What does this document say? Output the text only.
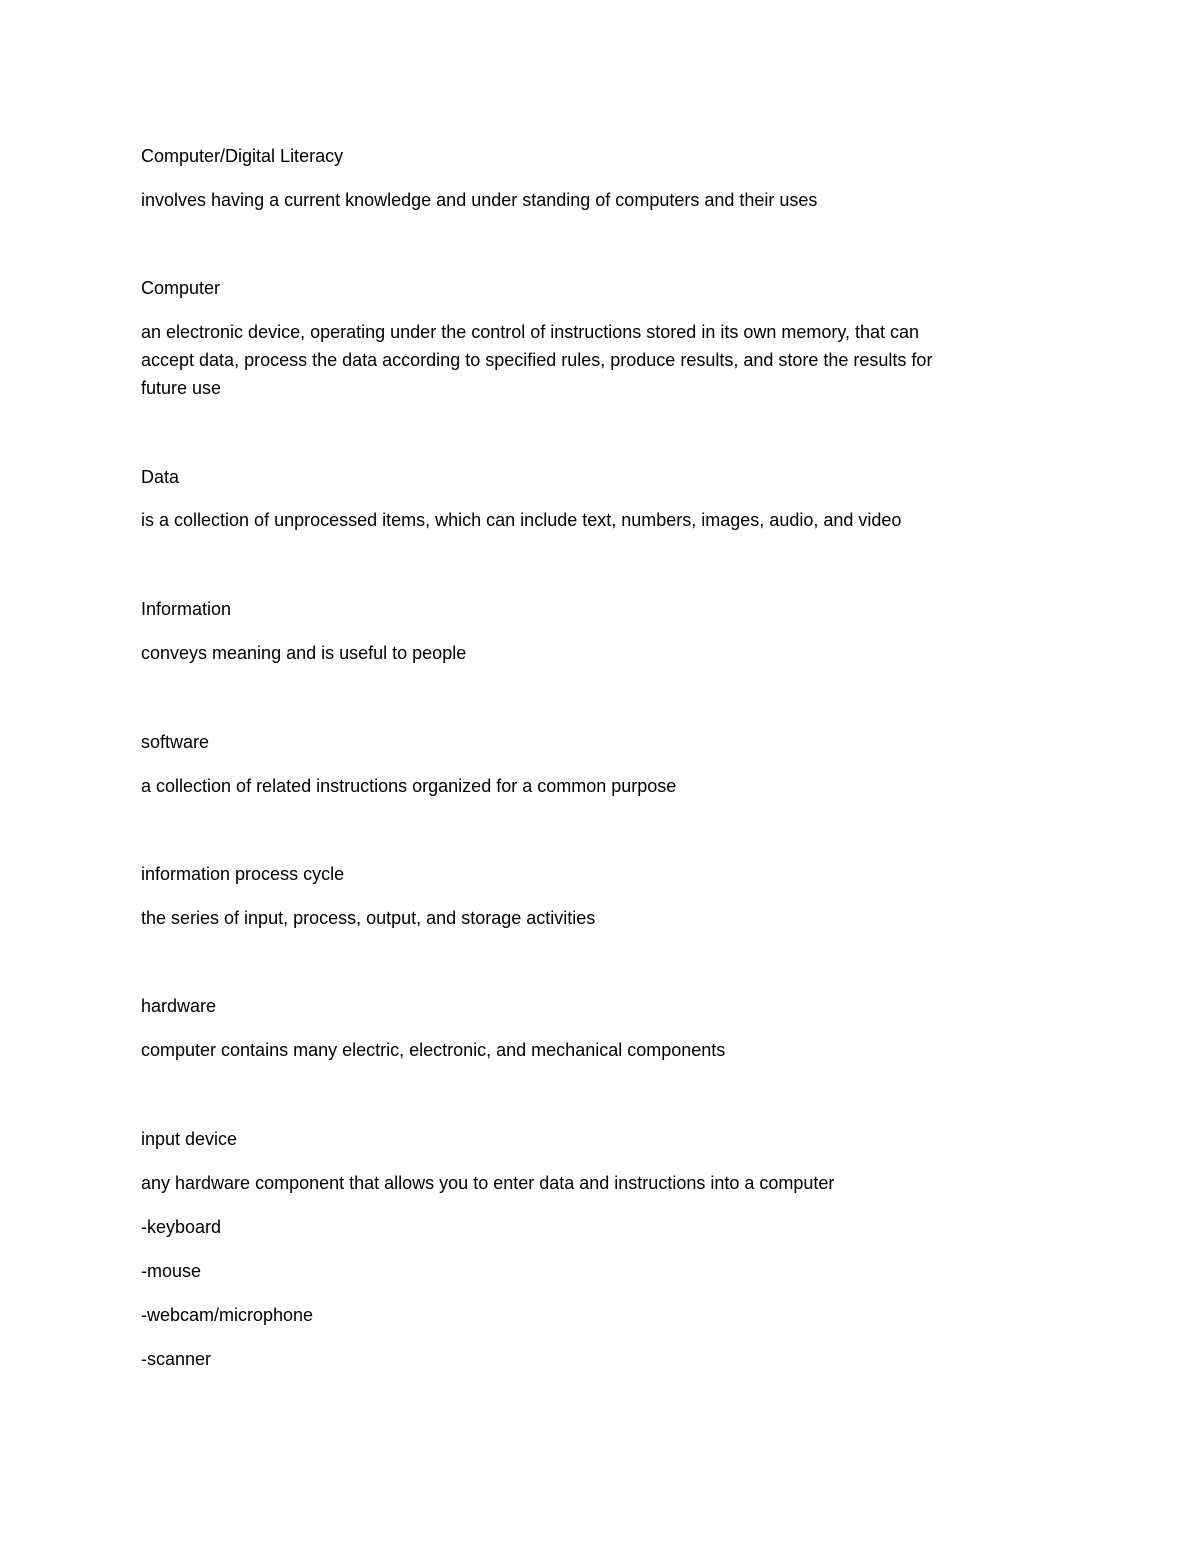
Computer/Digital Literacy
involves having a current knowledge and under standing of computers and their uses
Computer
an electronic device, operating under the control of instructions stored in its own memory, that can
accept data, process the data according to specified rules, produce results, and store the results for
future use
Data
is a collection of unprocessed items, which can include text, numbers, images, audio, and video
Information
conveys meaning and is useful to people
software
a collection of related instructions organized for a common purpose
information process cycle
the series of input, process, output, and storage activities
hardware
computer contains many electric, electronic, and mechanical components
input device
any hardware component that allows you to enter data and instructions into a computer
-keyboard
-mouse
-webcam/microphone
-scanner
